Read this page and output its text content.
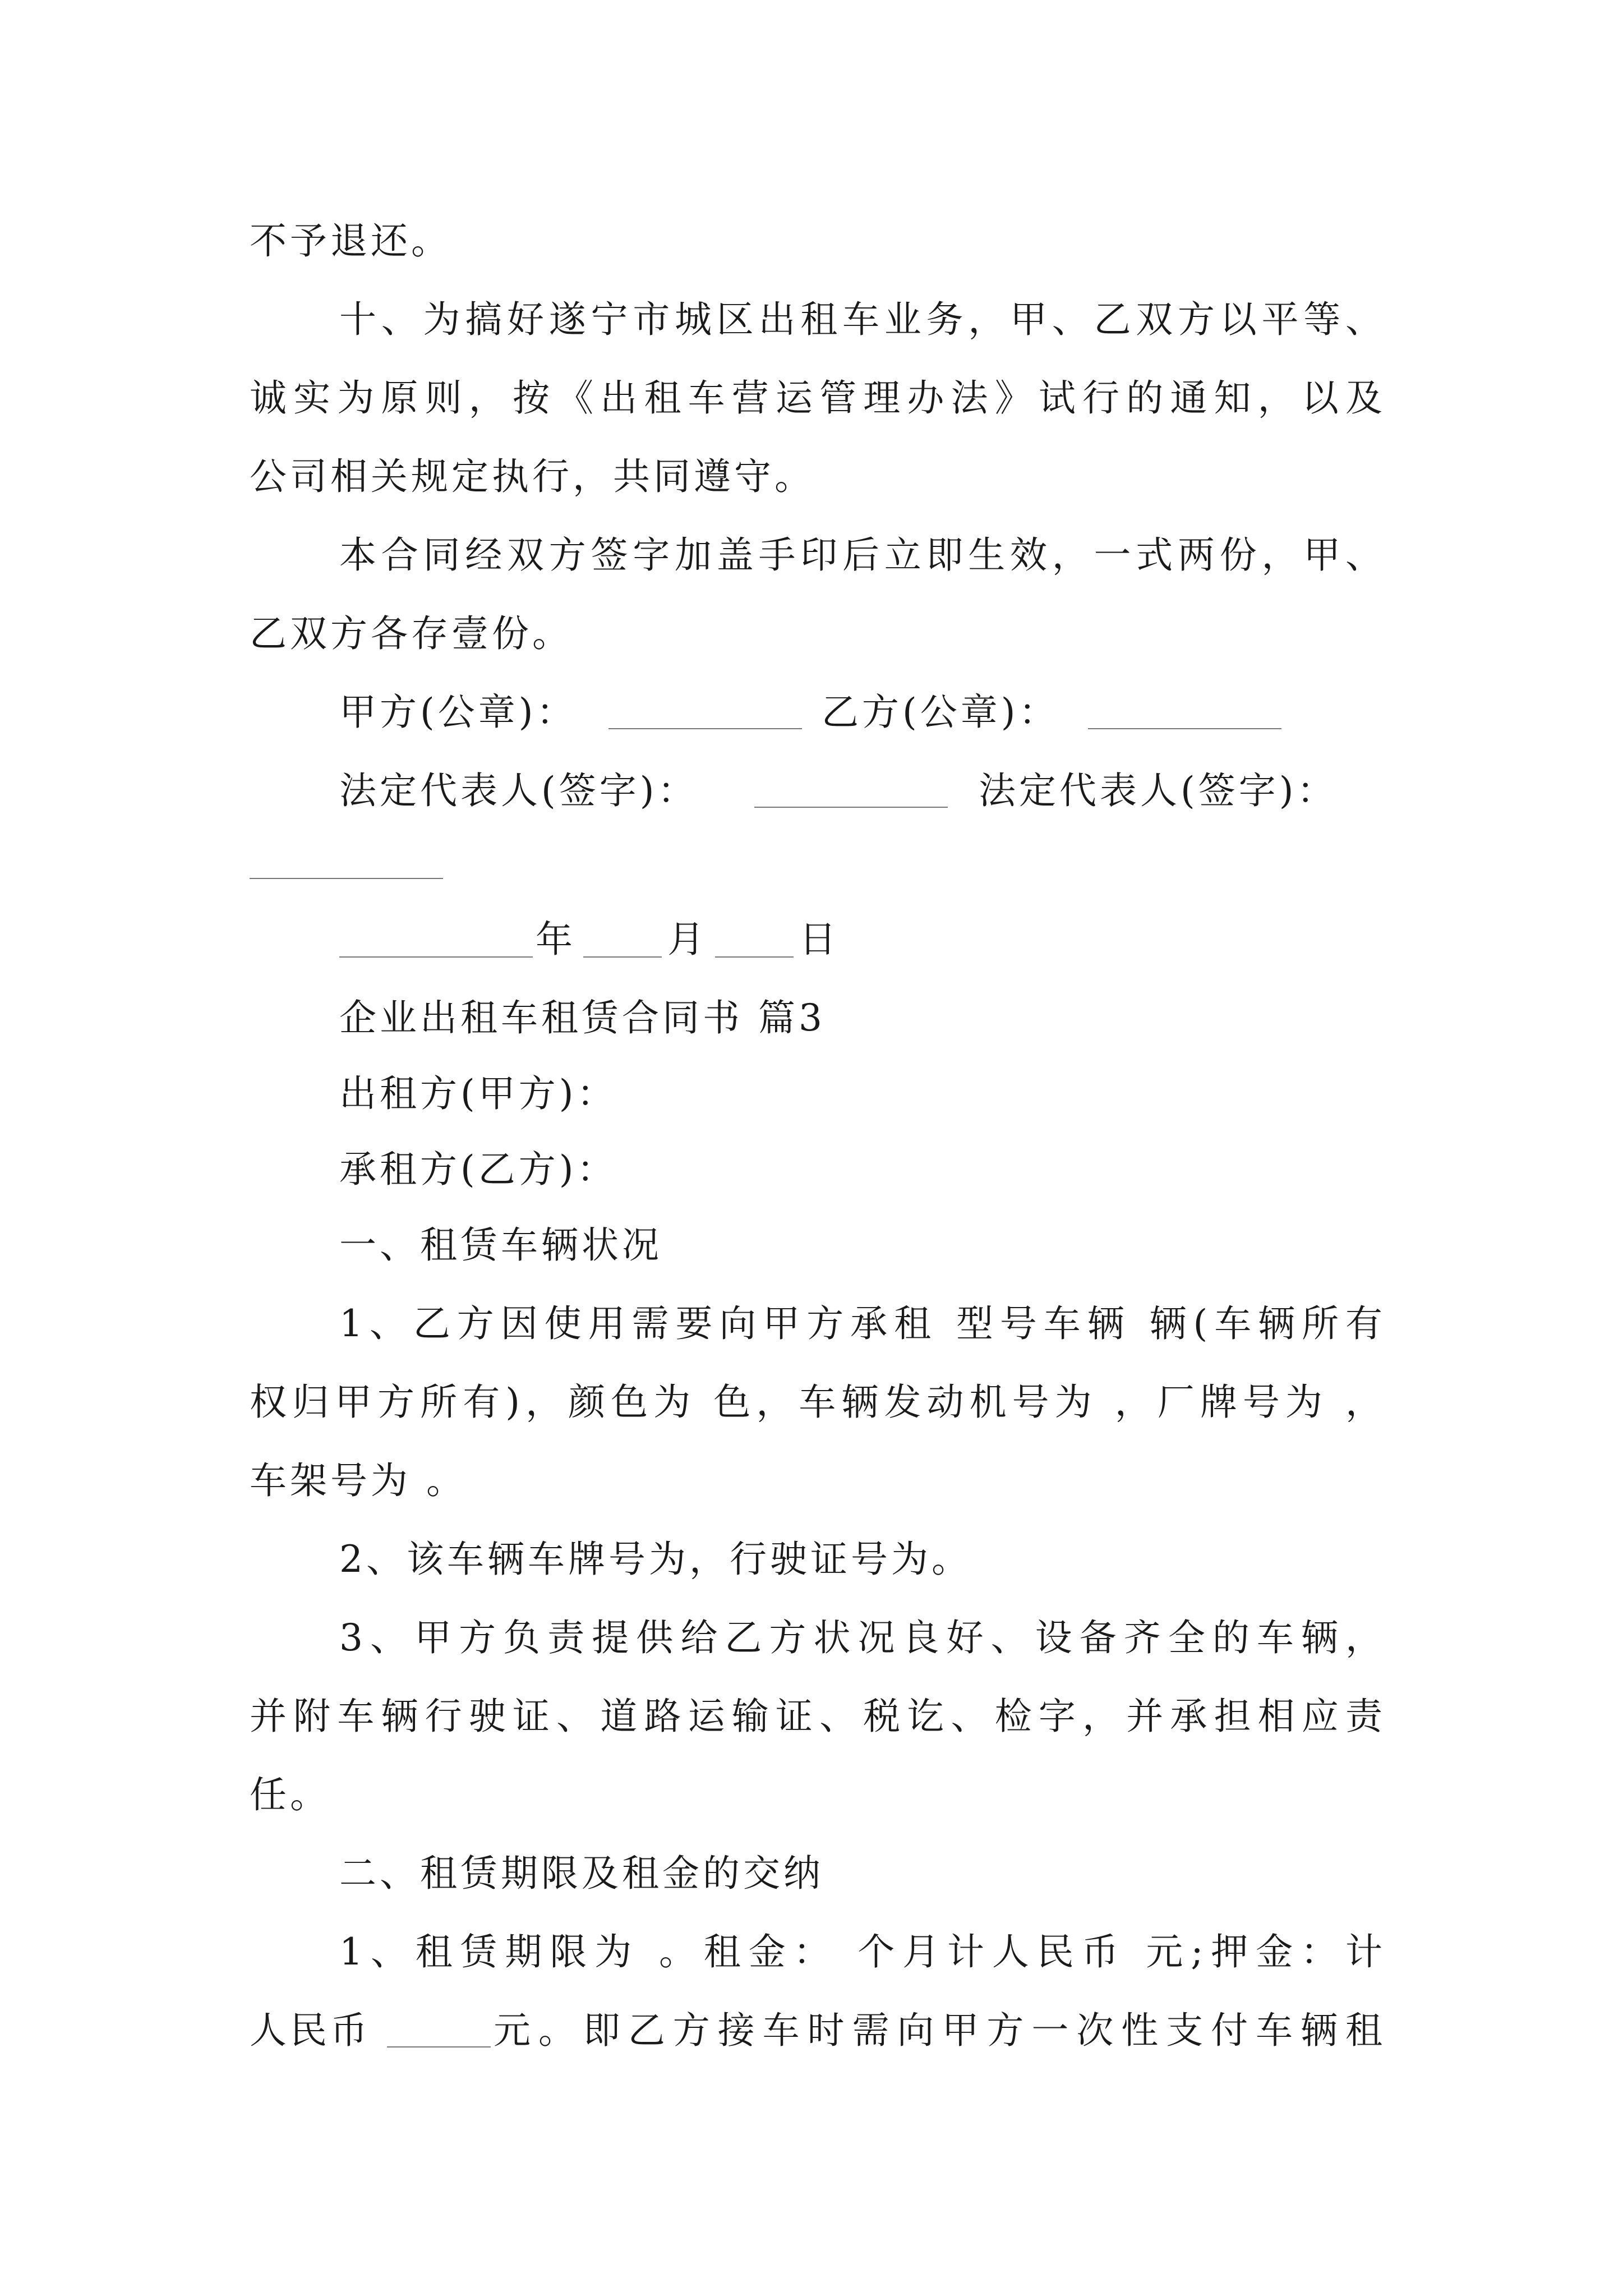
不予退还。
十、为搞好遂宁市城区出租车业务，甲、乙双方以平等、
诚实为原则，按《出租车营运管理办法》试行的通知，以及
公司相关规定执行，共同遵守。
本合同经双方签字加盖手印后立即生效，一式两份，甲、
乙双方各存壹份。
甲方(公章)：	乙方(公章)：
法定代表人(签字)：	法定代表人(签字)：
年 月 日
企业出租车租赁合同书 篇3
出租方(甲方)：
承租方(乙方)：
一、租赁车辆状况
1、乙方因使用需要向甲方承租 型号车辆 辆(车辆所有
权归甲方所有)，颜色为 色，车辆发动机号为 ，厂牌号为 ，
车架号为 。
2、该车辆车牌号为，行驶证号为。
3、甲方负责提供给乙方状况良好、设备齐全的车辆，
并附车辆行驶证、道路运输证、税讫、检字，并承担相应责
任。
二、租赁期限及租金的交纳
1、租赁期限为 。租金： 个月计人民币 元;押金：计
人民币	元。即乙方接车时需向甲方一次性支付车辆租
